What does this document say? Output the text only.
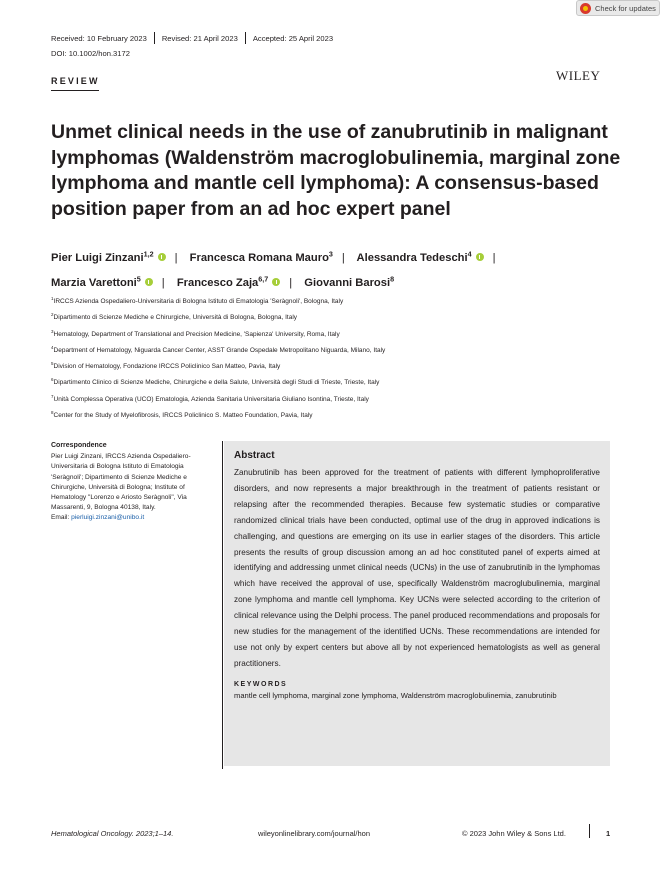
Check for updates
Received: 10 February 2023 Revised: 21 April 2023 Accepted: 25 April 2023
DOI: 10.1002/hon.3172
REVIEW	WILEY
Unmet clinical needs in the use of zanubrutinib in malignant lymphomas (Waldenström macroglobulinemia, marginal zone lymphoma and mantle cell lymphoma): A consensus-based position paper from an ad hoc expert panel
Pier Luigi Zinzani$^{1,2}$ | Francesca Romana Mauro$^3$ | Alessandra Tedeschi$^4$ |
Marzia Varettoni$^5$ | Francesco Zaja$^{6,7}$ | Giovanni Barosi$^8$
$^1$IRCCS Azienda Ospedaliero-Universitaria di Bologna Istituto di Ematologia 'Seràgnoli', Bologna, Italy
$^2$Dipartimento di Scienze Mediche e Chirurgiche, Università di Bologna, Bologna, Italy
$^3$Hematology, Department of Translational and Precision Medicine, 'Sapienza' University, Roma, Italy
$^4$Department of Hematology, Niguarda Cancer Center, ASST Grande Ospedale Metropolitano Niguarda, Milano, Italy
$^5$Division of Hematology, Fondazione IRCCS Policlinico San Matteo, Pavia, Italy
$^6$Dipartimento Clinico di Scienze Mediche, Chirurgiche e della Salute, Università degli Studi di Trieste, Trieste, Italy
$^7$Unità Complessa Operativa (UCO) Ematologia, Azienda Sanitaria Universitaria Giuliano Isontina, Trieste, Italy
$^8$Center for the Study of Myelofibrosis, IRCCS Policlinico S. Matteo Foundation, Pavia, Italy
Correspondence
Pier Luigi Zinzani, IRCCS Azienda Ospedaliero-Universitaria di Bologna Istituto di Ematologia 'Seràgnoli'; Dipartimento di Scienze Mediche e Chirurgiche, Università di Bologna; Institute of Hematology "Lorenzo e Ariosto Seràgnoli", Via Massarenti, 9, Bologna 40138, Italy.
Email: pierluigi.zinzani@unibo.it
Abstract
Zanubrutinib has been approved for the treatment of patients with different lymphoproliferative disorders, and now represents a major breakthrough in the treatment of patients resistant or relapsing after the recommended therapies. Because few systematic studies or comparative randomized clinical trials have been conducted, optimal use of the drug in approved indications is challenging, and questions are emerging on its use in earlier stages of the disorders. This article presents the results of group discussion among an ad hoc constituted panel of experts aimed at identifying and addressing unmet clinical needs (UCNs) in the use of zanubrutinib in the lymphomas which have received the approval of use, specifically Waldenström macroglubulinemia, marginal zone lymphoma and mantle cell lymphoma. Key UCNs were selected according to the criterion of clinical relevance using the Delphi process. The panel produced recommendations and proposals for new studies for the management of the identified UCNs. These recommendations are intended for use not only by expert centers but above all by not experienced hematologists as well as general practitioners.
KEYWORDS
mantle cell lymphoma, marginal zone lymphoma, Waldenström macroglobulinemia, zanubrutinib
Hematological Oncology. 2023;1–14.	wileyonlinelibrary.com/journal/hon	© 2023 John Wiley & Sons Ltd.	1
